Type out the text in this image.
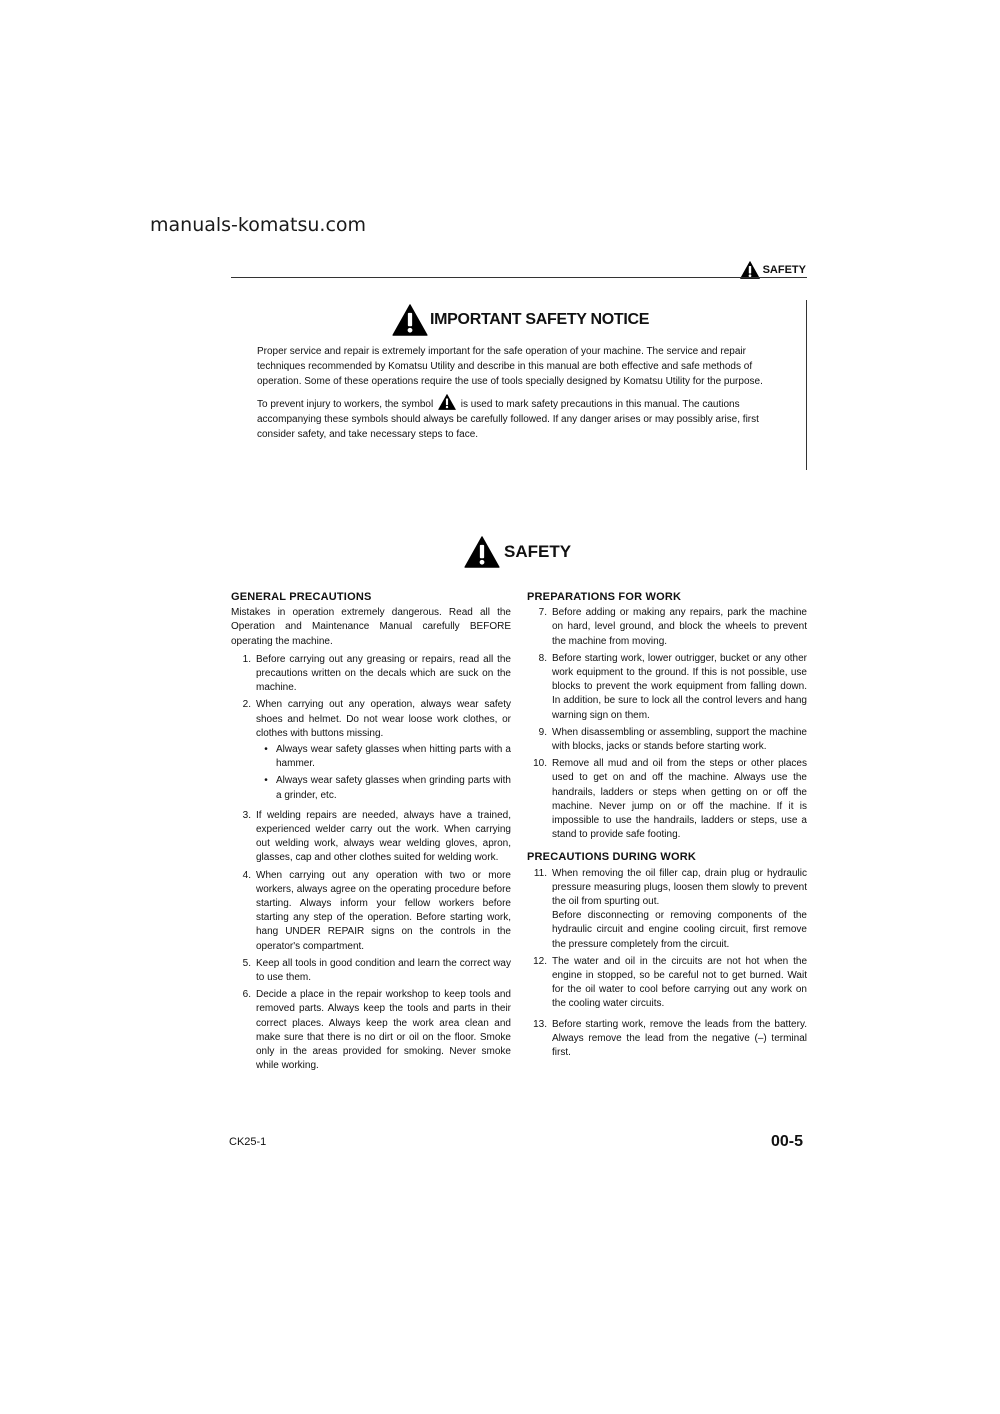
manuals-komatsu.com
SAFETY
IMPORTANT SAFETY NOTICE

Proper service and repair is extremely important for the safe operation of your machine. The service and repair techniques recommended by Komatsu Utility and describe in this manual are both effective and safe methods of operation. Some of these operations require the use of tools specially designed by Komatsu Utility for the purpose.

To prevent injury to workers, the symbol	is used to mark safety precautions in this manual. The cautions accompanying these symbols should always be carefully followed. If any danger arises or may possibly arise, first consider safety, and take necessary steps to face.

SAFETY
GENERAL PRECAUTIONS

Mistakes in operation extremely dangerous. Read all the Operation and Maintenance Manual carefully BEFORE operating the machine.

1. Before carrying out any greasing or repairs, read all the precautions written on the decals which are suck on the machine.
2. When carrying out any operation, always wear safety shoes and helmet. Do not wear loose work clothes, or clothes with buttons missing.

• Always wear safety glasses when hitting parts with a hammer.
• Always wear safety glasses when grinding parts with a grinder, etc.
3. If welding repairs are needed, always have a trained, experienced welder carry out the work. When carrying out welding work, always wear welding gloves, apron, glasses, cap and other clothes suited for welding work.
4. When carrying out any operation with two or more workers, always agree on the operating procedure before starting. Always inform your fellow workers before starting any step of the operation. Before starting work, hang UNDER REPAIR signs on the controls in the operator's compartment.
5. Keep all tools in good condition and learn the correct way to use them.
6. Decide a place in the repair workshop to keep tools and removed parts. Always keep the tools and parts in their correct places. Always keep the work area clean and make sure that there is no dirt or oil on the floor. Smoke only in the areas provided for smoking. Never smoke while working.
PREPARATIONS FOR WORK
7. Before adding or making any repairs, park the machine on hard, level ground, and block the wheels to prevent the machine from moving.
8. Before starting work, lower outrigger, bucket or any other work equipment to the ground. If this is not possible, use blocks to prevent the work equipment from falling down. In addition, be sure to lock all the control levers and hang warning sign on them.
9. When disassembling or assembling, support the machine with blocks, jacks or stands before starting work.
10. Remove all mud and oil from the steps or other places used to get on and off the machine. Always use the handrails, ladders or steps when getting on or off the machine. Never jump on or off the machine. If it is impossible to use the handrails, ladders or steps, use a stand to provide safe footing.
PRECAUTIONS DURING WORK
11. When removing the oil filler cap, drain plug or hydraulic pressure measuring plugs, loosen them slowly to prevent the oil from spurting out.

Before disconnecting or removing components of the hydraulic circuit and engine cooling circuit, first remove the pressure completely from the circuit.

12. The water and oil in the circuits are not hot when the engine in stopped, so be careful not to get burned. Wait for the oil water to cool before carrying out any work on the cooling water circuits.
13. Before starting work, remove the leads from the battery. Always remove the lead from the negative (–) terminal first.
CK25-1	00-5
